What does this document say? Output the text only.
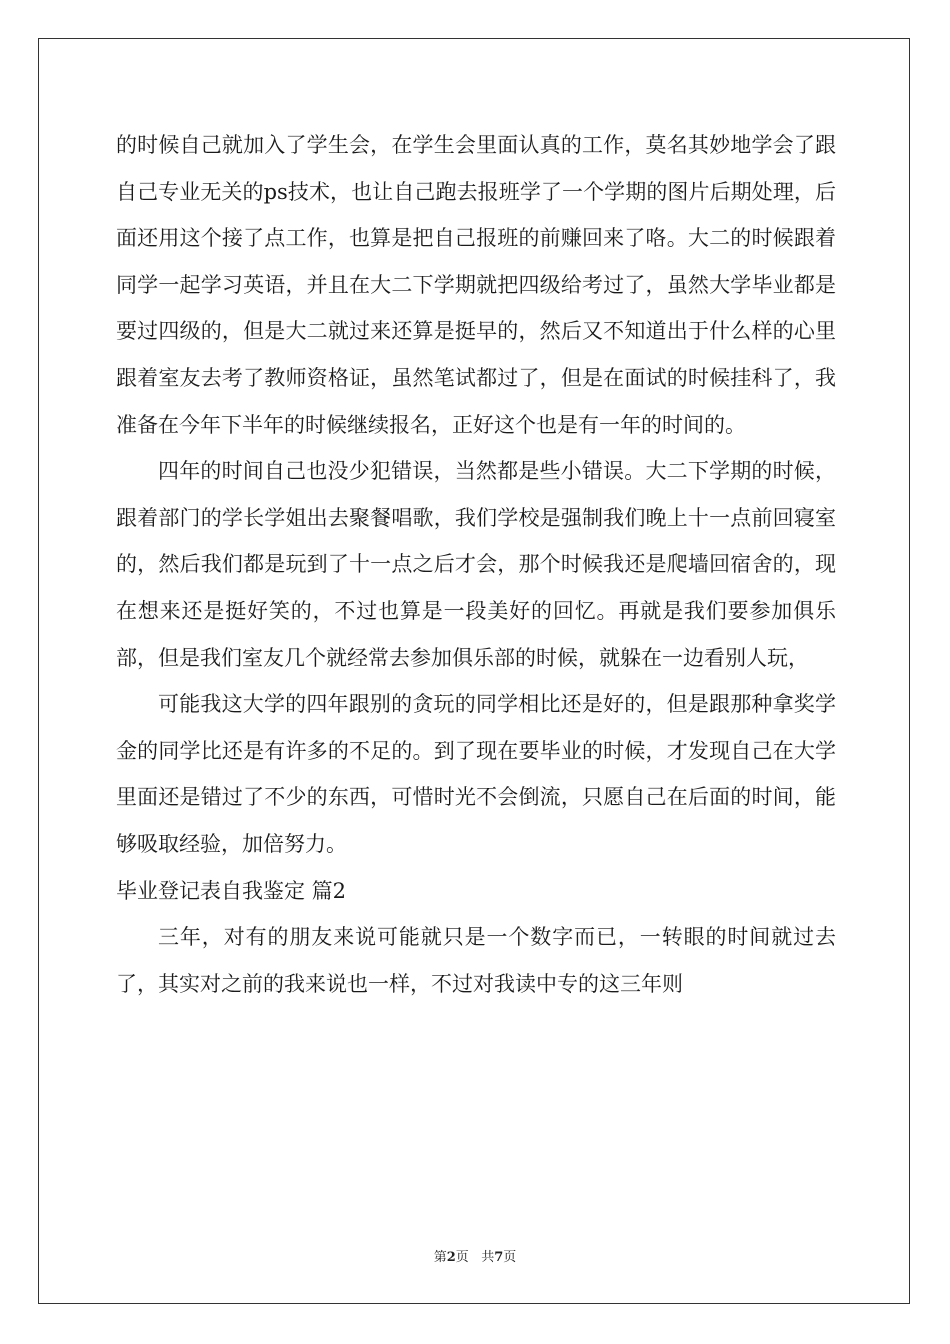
的时候自己就加入了学生会，在学生会里面认真的工作，莫名其妙地学会了跟自己专业无关的ps技术，也让自己跑去报班学了一个学期的图片后期处理，后面还用这个接了点工作，也算是把自己报班的前赚回来了咯。大二的时候跟着同学一起学习英语，并且在大二下学期就把四级给考过了，虽然大学毕业都是要过四级的，但是大二就过来还算是挺早的，然后又不知道出于什么样的心里跟着室友去考了教师资格证，虽然笔试都过了，但是在面试的时候挂科了，我准备在今年下半年的时候继续报名，正好这个也是有一年的时间的。

四年的时间自己也没少犯错误，当然都是些小错误。大二下学期的时候，跟着部门的学长学姐出去聚餐唱歌，我们学校是强制我们晚上十一点前回寝室的，然后我们都是玩到了十一点之后才会，那个时候我还是爬墙回宿舍的，现在想来还是挺好笑的，不过也算是一段美好的回忆。再就是我们要参加俱乐部，但是我们室友几个就经常去参加俱乐部的时候，就躲在一边看别人玩，

可能我这大学的四年跟别的贪玩的同学相比还是好的，但是跟那种拿奖学金的同学比还是有许多的不足的。到了现在要毕业的时候，才发现自己在大学里面还是错过了不少的东西，可惜时光不会倒流，只愿自己在后面的时间，能够吸取经验，加倍努力。

毕业登记表自我鉴定 篇2

三年，对有的朋友来说可能就只是一个数字而已，一转眼的时间就过去了，其实对之前的我来说也一样，不过对我读中专的这三年则

第2页 共7页
